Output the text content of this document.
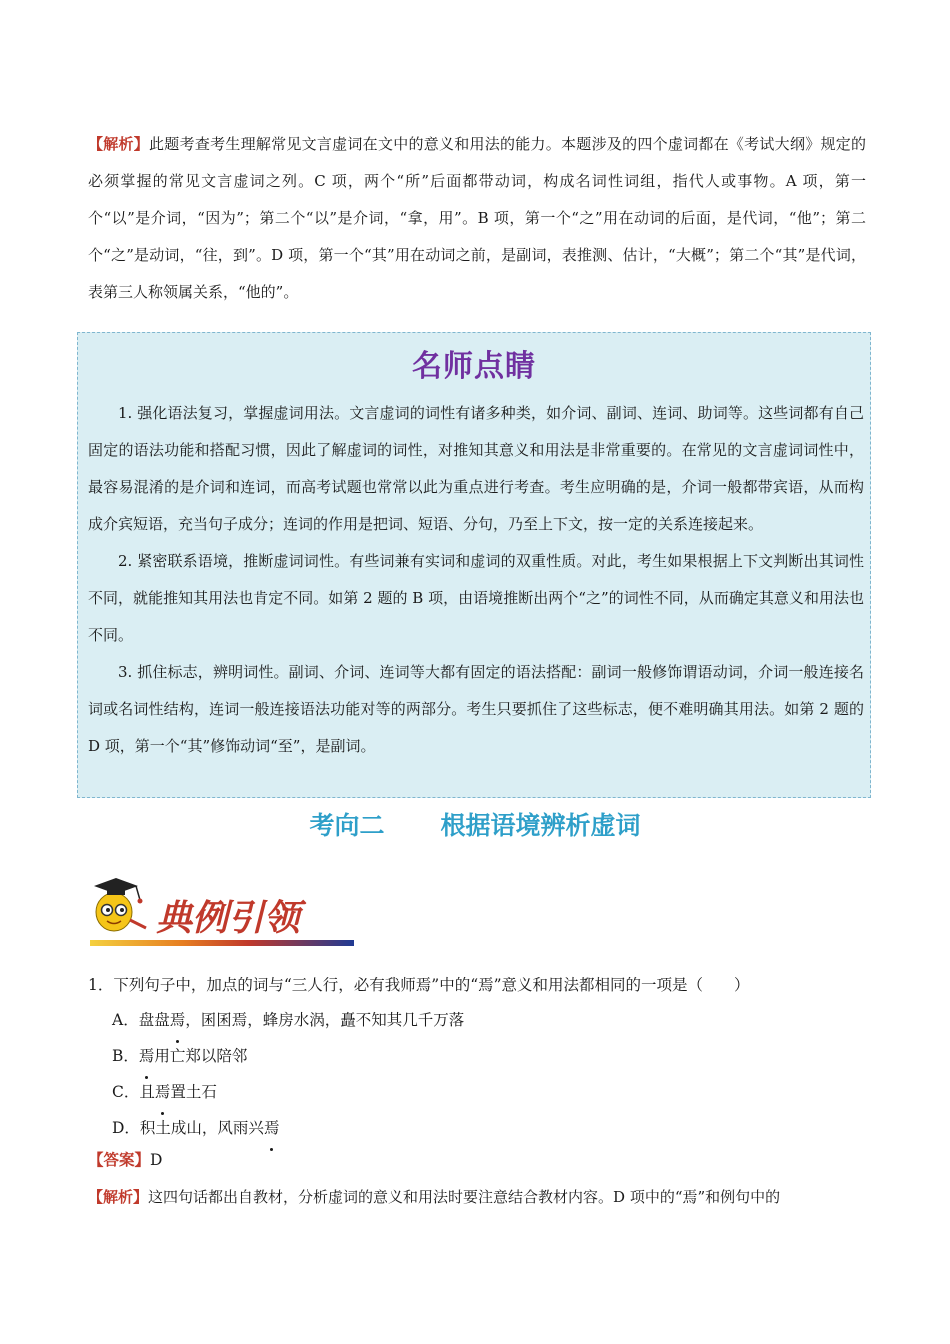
【解析】此题考查考生理解常见文言虚词在文中的意义和用法的能力。本题涉及的四个虚词都在《考试大纲》规定的必须掌握的常见文言虚词之列。C 项，两个“所”后面都带动词，构成名词性词组，指代人或事物。A 项，第一个“以”是介词，“因为”；第二个“以”是介词，“拿，用”。B 项，第一个“之”用在动词的后面，是代词，“他”；第二个“之”是动词，“往，到”。D 项，第一个“其”用在动词之前，是副词，表推测、估计，“大概”；第二个“其”是代词，表第三人称领属关系，“他的”。
名师点睛

1. 强化语法复习，掌握虚词用法。文言虚词的词性有诸多种类，如介词、副词、连词、助词等。这些词都有自己固定的语法功能和搭配习惯，因此了解虚词的词性，对推知其意义和用法是非常重要的。在常见的文言虚词词性中，最容易混淆的是介词和连词，而高考试题也常常以此为重点进行考查。考生应明确的是，介词一般都带宾语，从而构成介宾短语，充当句子成分；连词的作用是把词、短语、分句，乃至上下文，按一定的关系连接起来。

2. 紧密联系语境，推断虚词词性。有些词兼有实词和虚词的双重性质。对此，考生如果根据上下文判断出其词性不同，就能推知其用法也肯定不同。如第 2 题的 B 项，由语境推断出两个“之”的词性不同，从而确定其意义和用法也不同。

3. 抓住标志，辨明词性。副词、介词、连词等大都有固定的语法搭配：副词一般修饰谓语动词，介词一般连接名词或名词性结构，连词一般连接语法功能对等的两部分。考生只要抓住了这些标志，便不难明确其用法。如第 2 题的 D 项，第一个“其”修饰动词“至”，是副词。

考向二 根据语境辨析虚词
典例引领
1．下列句子中，加点的词与“三人行，必有我师焉”中的“焉”意义和用法都相同的一项是（　　）
A．盘盘焉，囷囷焉，蜂房水涡，矗不知其几千万落
B．焉用亡郑以陪邻
C．且焉置土石
D．积土成山，风雨兴焉
【答案】D
【解析】这四句话都出自教材，分析虚词的意义和用法时要注意结合教材内容。D 项中的“焉”和例句中的
